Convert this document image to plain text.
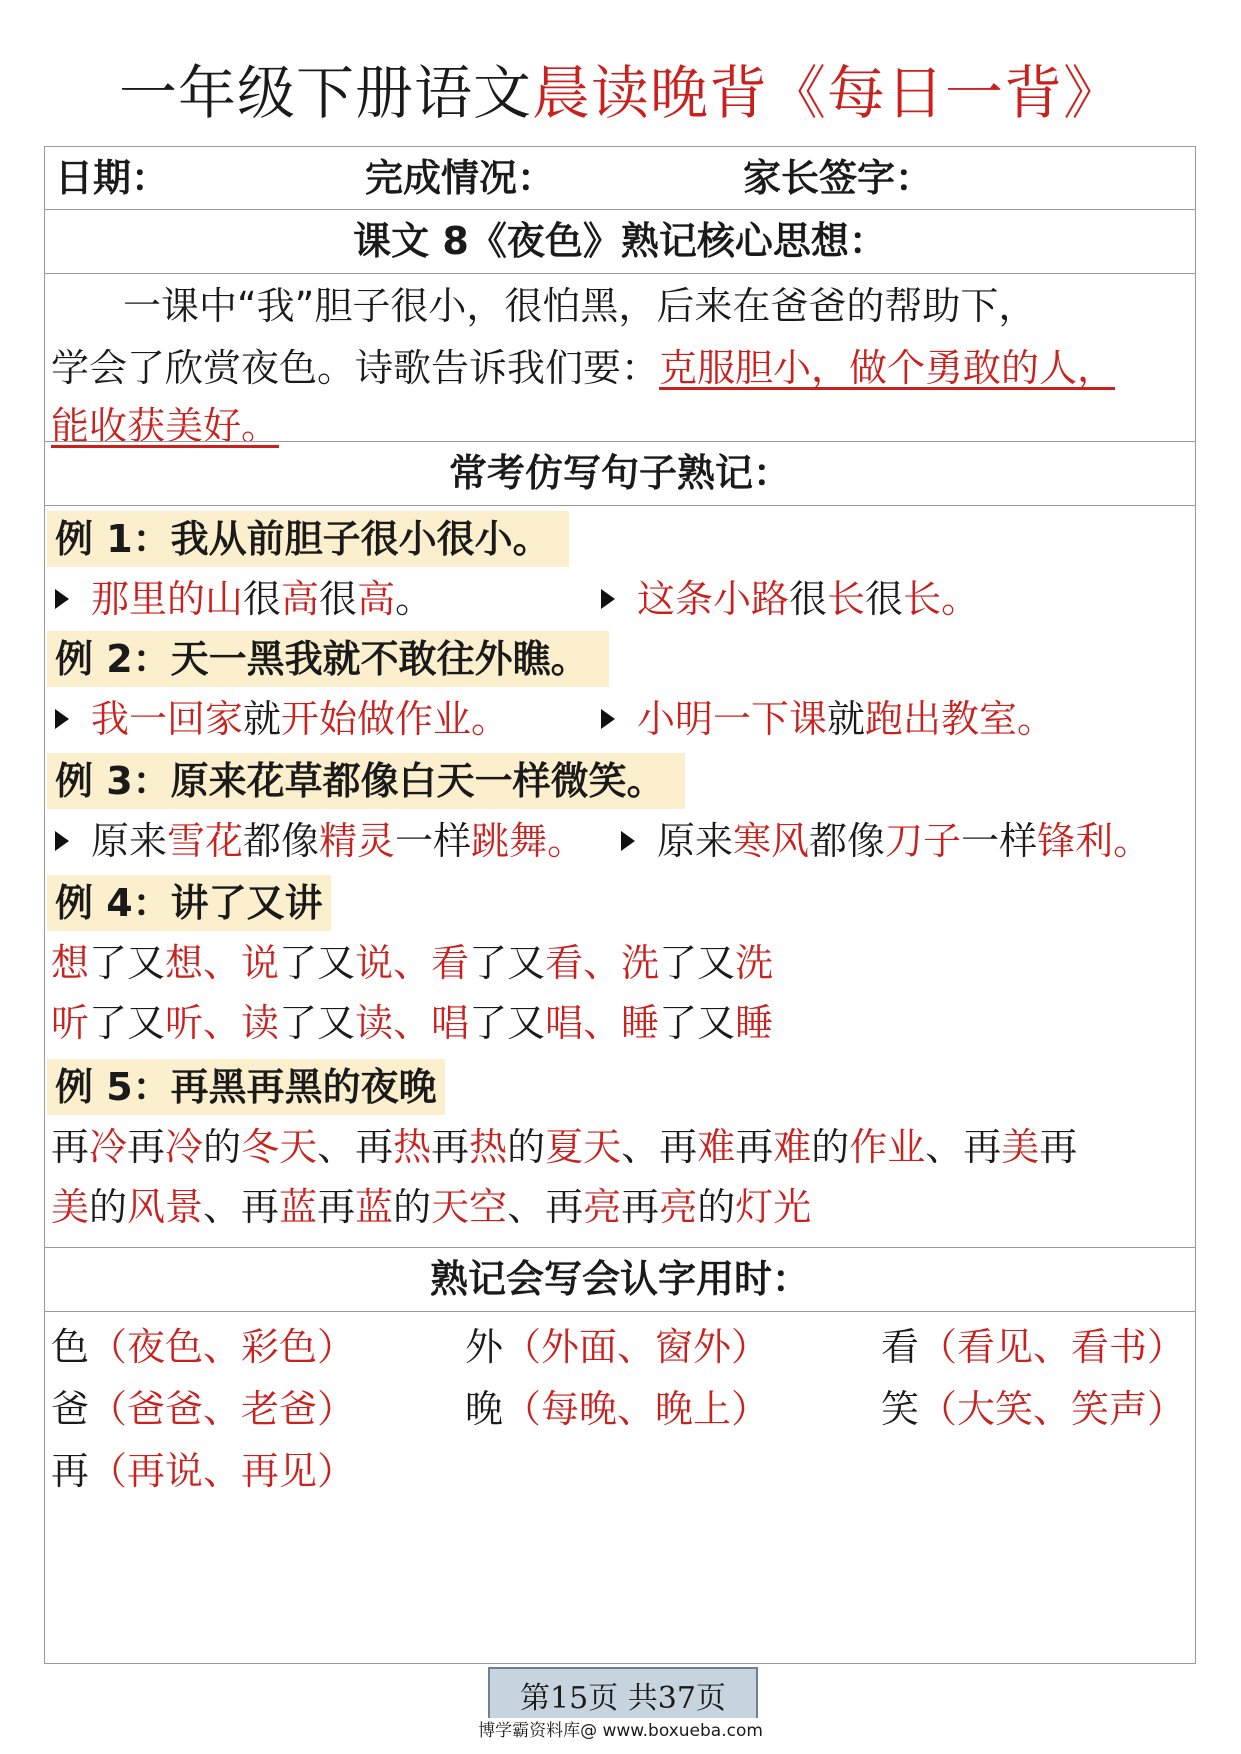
一年级下册语文晨读晚背《每日一背》
日期：	完成情况：	家长签字：
课文 8《夜色》熟记核心思想：
一课中“我”胆子很小，很怕黑，后来在爸爸的帮助下，
学会了欣赏夜色。诗歌告诉我们要：克服胆小，做个勇敢的人，
能收获美好。
常考仿写句子熟记：
例 1：我从前胆子很小很小。
那里的山很高很高。	这条小路很长很长。
例 2：天一黑我就不敢往外瞧。
我一回家就开始做作业。	小明一下课就跑出教室。
例 3：原来花草都像白天一样微笑。
原来雪花都像精灵一样跳舞。	原来寒风都像刀子一样锋利。
例 4：讲了又讲
想了又想、说了又说、看了又看、洗了又洗
听了又听、读了又读、唱了又唱、睡了又睡
例 5：再黑再黑的夜晚
再冷再冷的冬天、再热再热的夏天、再难再难的作业、再美再
美的风景、再蓝再蓝的天空、再亮再亮的灯光
熟记会写会认字用时：
色（夜色、彩色）	外（外面、窗外）	看（看见、看书）
爸（爸爸、老爸）	晚（每晚、晚上）	笑（大笑、笑声）
再（再说、再见）
第15页 共37页
博学霸资料库@ www.boxueba.com
